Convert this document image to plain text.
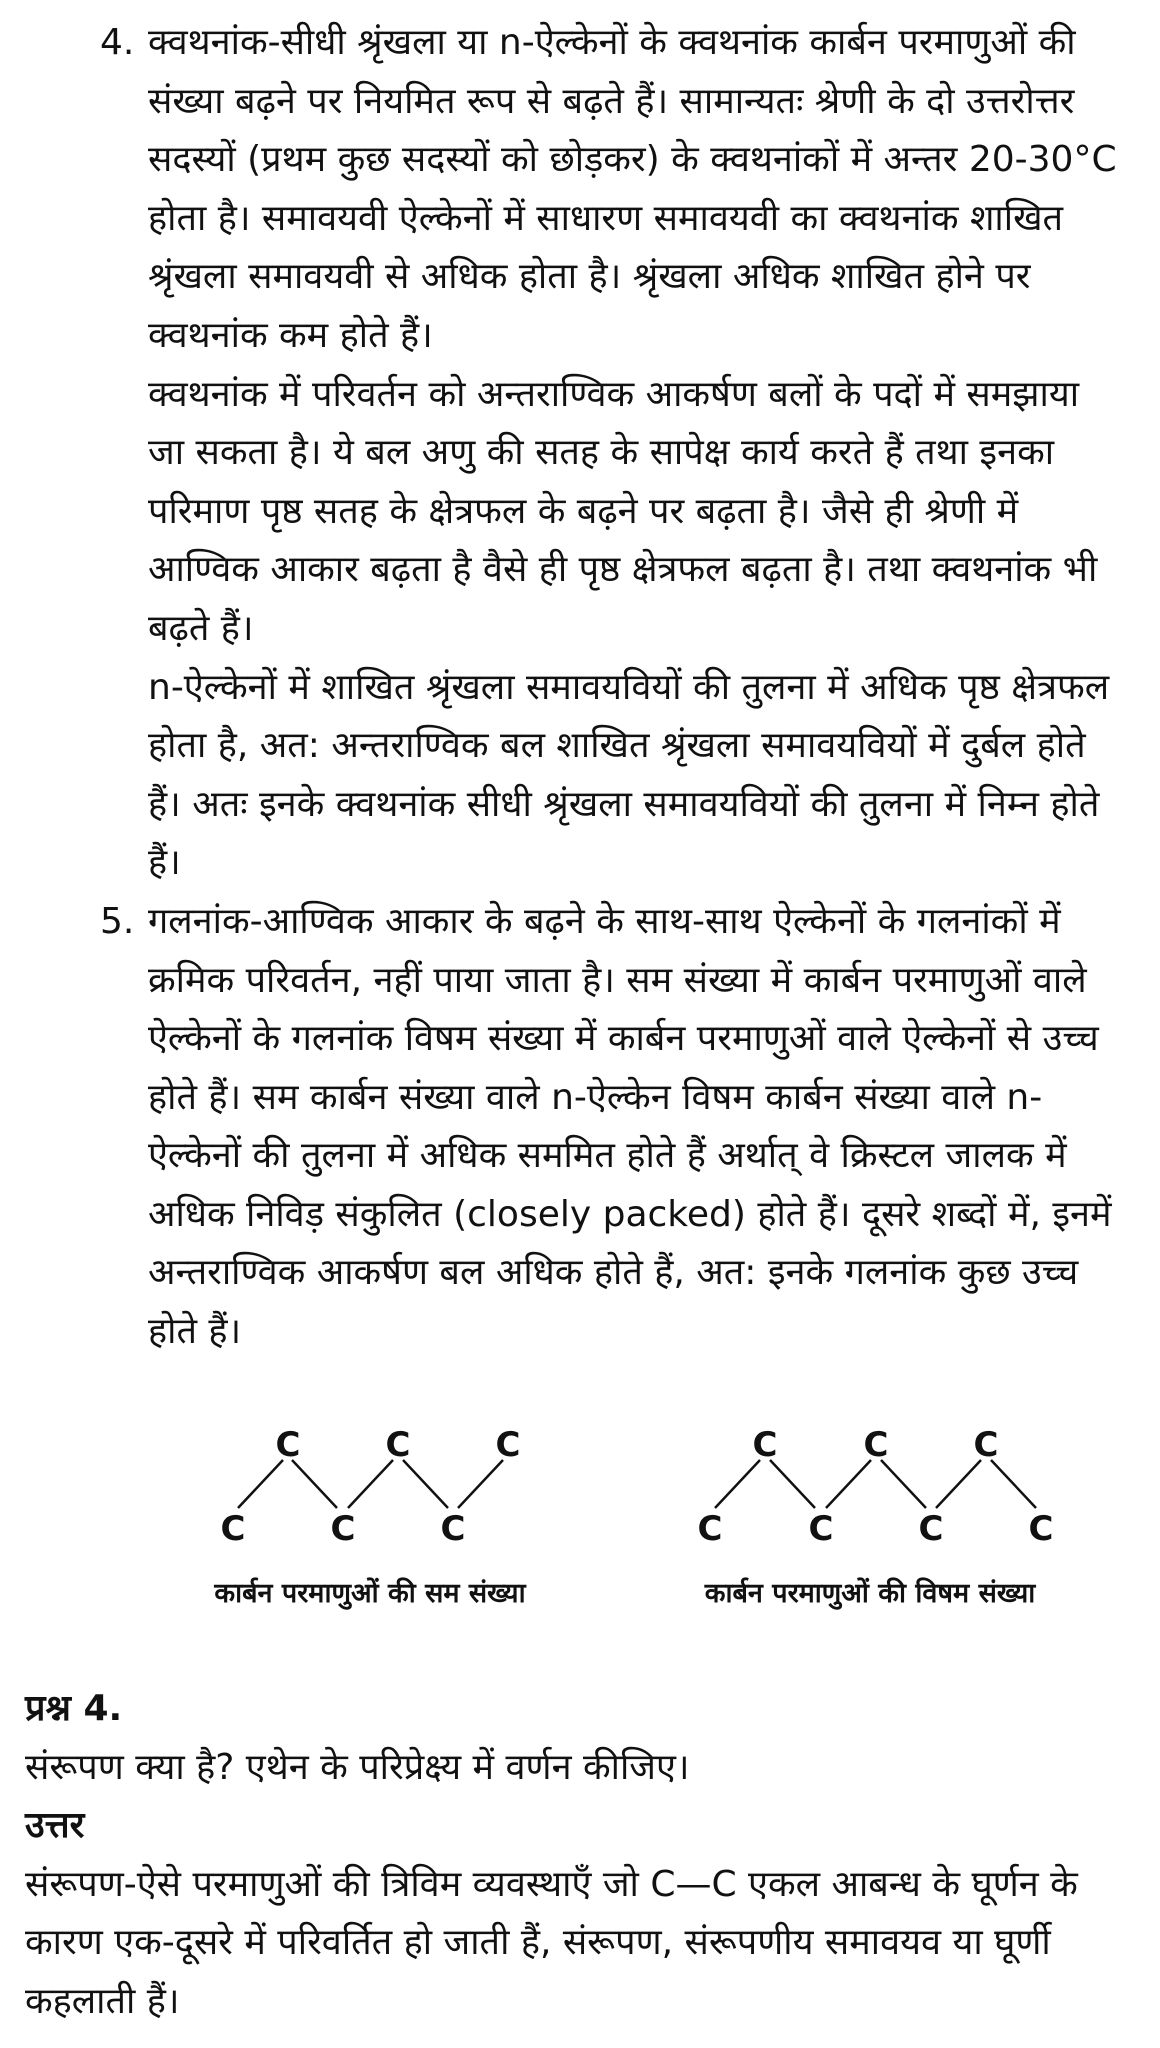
4. क्वथनांक-सीधी श्रृंखला या n-ऐल्केनों के क्वथनांक कार्बन परमाणुओं की संख्या बढ़ने पर नियमित रूप से बढ़ते हैं। सामान्यतः श्रेणी के दो उत्तरोत्तर सदस्यों (प्रथम कुछ सदस्यों को छोड़कर) के क्वथनांकों में अन्तर 20-30°C होता है। समावयवी ऐल्केनों में साधारण समावयवी का क्वथनांक शाखित श्रृंखला समावयवी से अधिक होता है। श्रृंखला अधिक शाखित होने पर क्वथनांक कम होते हैं।

क्वथनांक में परिवर्तन को अन्तराण्विक आकर्षण बलों के पदों में समझाया जा सकता है। ये बल अणु की सतह के सापेक्ष कार्य करते हैं तथा इनका परिमाण पृष्ठ सतह के क्षेत्रफल के बढ़ने पर बढ़ता है। जैसे ही श्रेणी में आण्विक आकार बढ़ता है वैसे ही पृष्ठ क्षेत्रफल बढ़ता है। तथा क्वथनांक भी बढ़ते हैं।

n-ऐल्केनों में शाखित श्रृंखला समावयवियों की तुलना में अधिक पृष्ठ क्षेत्रफल होता है, अत: अन्तराण्विक बल शाखित श्रृंखला समावयवियों में दुर्बल होते हैं। अतः इनके क्वथनांक सीधी श्रृंखला समावयवियों की तुलना में निम्न होते हैं।

5. गलनांक-आण्विक आकार के बढ़ने के साथ-साथ ऐल्केनों के गलनांकों में क्रमिक परिवर्तन, नहीं पाया जाता है। सम संख्या में कार्बन परमाणुओं वाले ऐल्केनों के गलनांक विषम संख्या में कार्बन परमाणुओं वाले ऐल्केनों से उच्च होते हैं। सम कार्बन संख्या वाले n-ऐल्केन विषम कार्बन संख्या वाले n-ऐल्केनों की तुलना में अधिक सममित होते हैं अर्थात् वे क्रिस्टल जालक में अधिक निविड़ संकुलित (closely packed) होते हैं। दूसरे शब्दों में, इनमें अन्तराण्विक आकर्षण बल अधिक होते हैं, अत: इनके गलनांक कुछ उच्च होते हैं।

C	C	C
C	C	C
C	C	C
C	C	C	C
कार्बन परमाणुओं की सम संख्या	कार्बन परमाणुओं की विषम संख्या

प्रश्न 4.

संरूपण क्या है? एथेन के परिप्रेक्ष्य में वर्णन कीजिए।

उत्तर

संरूपण-ऐसे परमाणुओं की त्रिविम व्यवस्थाएँ जो C—C एकल आबन्ध के घूर्णन के कारण एक-दूसरे में परिवर्तित हो जाती हैं, संरूपण, संरूपणीय समावयव या घूर्णी कहलाती हैं।
